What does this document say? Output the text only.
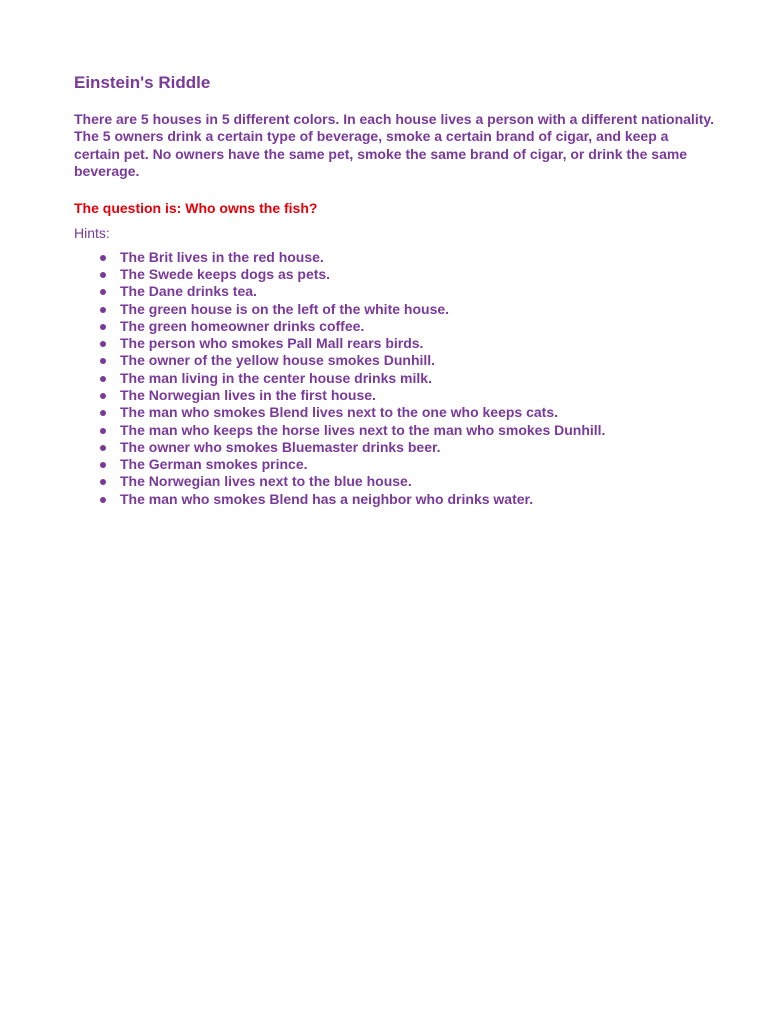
Einstein's Riddle

There are 5 houses in 5 different colors. In each house lives a person with a different nationality. The 5 owners drink a certain type of beverage, smoke a certain brand of cigar, and keep a certain pet. No owners have the same pet, smoke the same brand of cigar, or drink the same beverage.

The question is: Who owns the fish?

Hints:

The Brit lives in the red house.
The Swede keeps dogs as pets.
The Dane drinks tea.
The green house is on the left of the white house.
The green homeowner drinks coffee.
The person who smokes Pall Mall rears birds.
The owner of the yellow house smokes Dunhill.
The man living in the center house drinks milk.
The Norwegian lives in the first house.
The man who smokes Blend lives next to the one who keeps cats.
The man who keeps the horse lives next to the man who smokes Dunhill.
The owner who smokes Bluemaster drinks beer.
The German smokes prince.
The Norwegian lives next to the blue house.
The man who smokes Blend has a neighbor who drinks water.
